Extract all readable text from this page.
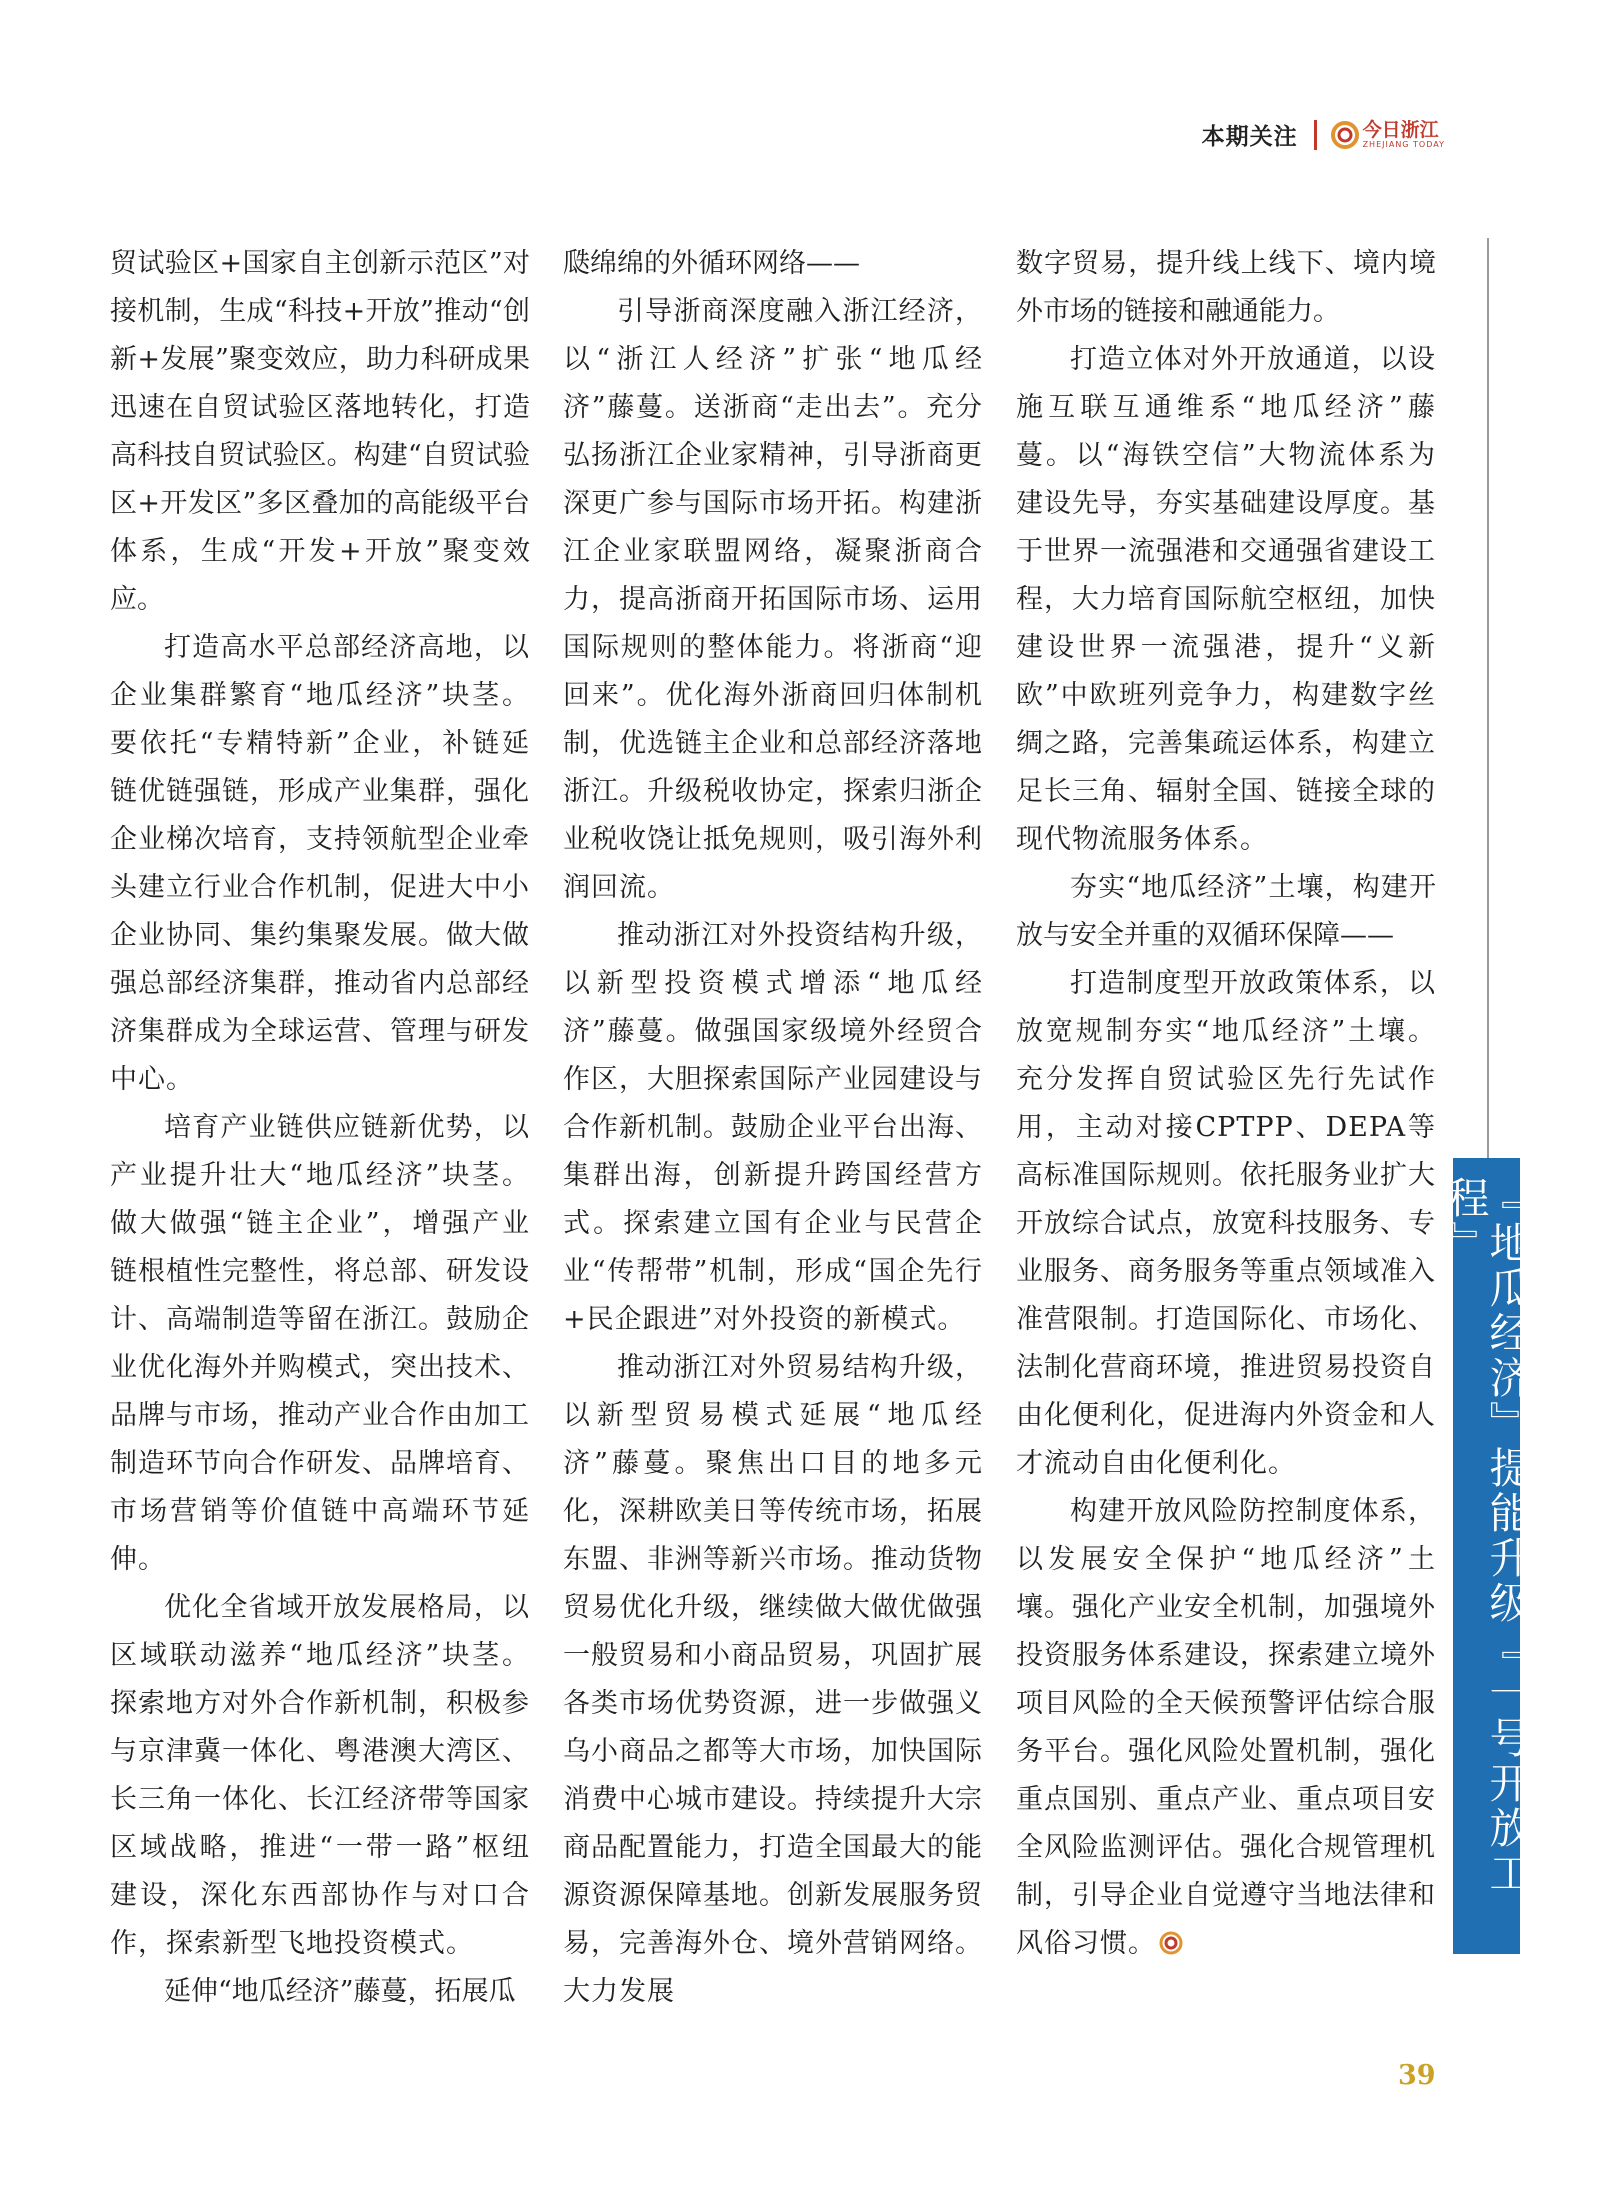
本期关注	今日浙江
ZHEJIANG TODAY

贸试验区+国家自主创新示范区”对接机制，生成“科技+开放”推动“创新+发展”聚变效应，助力科研成果迅速在自贸试验区落地转化，打造高科技自贸试验区。构建“自贸试验区+开发区”多区叠加的高能级平台体系，生成“开发+开放”聚变效应。

打造高水平总部经济高地，以企业集群繁育“地瓜经济”块茎。要依托“专精特新”企业，补链延链优链强链，形成产业集群，强化企业梯次培育，支持领航型企业牵头建立行业合作机制，促进大中小企业协同、集约集聚发展。做大做强总部经济集群，推动省内总部经济集群成为全球运营、管理与研发中心。

培育产业链供应链新优势，以产业提升壮大“地瓜经济”块茎。做大做强“链主企业”，增强产业链根植性完整性，将总部、研发设计、高端制造等留在浙江。鼓励企业优化海外并购模式，突出技术、品牌与市场，推动产业合作由加工制造环节向合作研发、品牌培育、市场营销等价值链中高端环节延伸。

优化全省域开放发展格局，以区域联动滋养“地瓜经济”块茎。探索地方对外合作新机制，积极参与京津冀一体化、粤港澳大湾区、长三角一体化、长江经济带等国家区域战略，推进“一带一路”枢纽建设，深化东西部协作与对口合作，探索新型飞地投资模式。

延伸“地瓜经济”藤蔓，拓展瓜

瓞绵绵的外循环网络——

引导浙商深度融入浙江经济，以“浙江人经济”扩张“地瓜经济”藤蔓。送浙商“走出去”。充分弘扬浙江企业家精神，引导浙商更深更广参与国际市场开拓。构建浙江企业家联盟网络，凝聚浙商合力，提高浙商开拓国际市场、运用国际规则的整体能力。将浙商“迎回来”。优化海外浙商回归体制机制，优选链主企业和总部经济落地浙江。升级税收协定，探索归浙企业税收饶让抵免规则，吸引海外利润回流。

推动浙江对外投资结构升级，以新型投资模式增添“地瓜经济”藤蔓。做强国家级境外经贸合作区，大胆探索国际产业园建设与合作新机制。鼓励企业平台出海、集群出海，创新提升跨国经营方式。探索建立国有企业与民营企业“传帮带”机制，形成“国企先行+民企跟进”对外投资的新模式。

推动浙江对外贸易结构升级，以新型贸易模式延展“地瓜经济”藤蔓。聚焦出口目的地多元化，深耕欧美日等传统市场，拓展东盟、非洲等新兴市场。推动货物贸易优化升级，继续做大做优做强一般贸易和小商品贸易，巩固扩展各类市场优势资源，进一步做强义乌小商品之都等大市场，加快国际消费中心城市建设。持续提升大宗商品配置能力，打造全国最大的能源资源保障基地。创新发展服务贸易，完善海外仓、境外营销网络。大力发展

数字贸易，提升线上线下、境内境外市场的链接和融通能力。

打造立体对外开放通道，以设施互联互通维系“地瓜经济”藤蔓。以“海铁空信”大物流体系为建设先导，夯实基础建设厚度。基于世界一流强港和交通强省建设工程，大力培育国际航空枢纽，加快建设世界一流强港，提升“义新欧”中欧班列竞争力，构建数字丝绸之路，完善集疏运体系，构建立足长三角、辐射全国、链接全球的现代物流服务体系。

夯实“地瓜经济”土壤，构建开放与安全并重的双循环保障——

打造制度型开放政策体系，以放宽规制夯实“地瓜经济”土壤。充分发挥自贸试验区先行先试作用，主动对接CPTPP、DEPA等高标准国际规则。依托服务业扩大开放综合试点，放宽科技服务、专业服务、商务服务等重点领域准入准营限制。打造国际化、市场化、法制化营商环境，推进贸易投资自由化便利化，促进海内外资金和人才流动自由化便利化。

构建开放风险防控制度体系，以发展安全保护“地瓜经济”土壤。强化产业安全机制，加强境外投资服务体系建设，探索建立境外项目风险的全天候预警评估综合服务平台。强化风险处置机制，强化重点国别、重点产业、重点项目安全风险监测评估。强化合规管理机制，引导企业自觉遵守当地法律和风俗习惯。

『地瓜经济』提能升级『一号开放工程』
39
